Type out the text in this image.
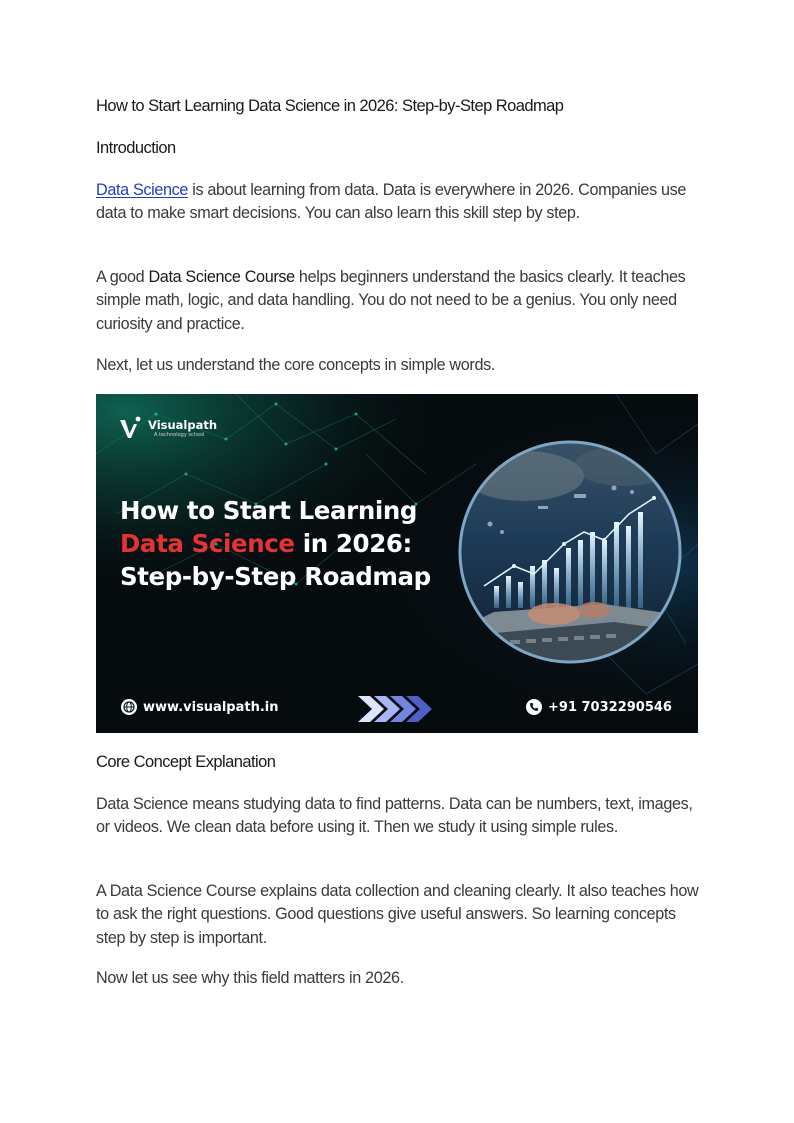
How to Start Learning Data Science in 2026: Step-by-Step Roadmap
Introduction

Data Science is about learning from data. Data is everywhere in 2026. Companies use data to make smart decisions. You can also learn this skill step by step.

A good Data Science Course helps beginners understand the basics clearly. It teaches simple math, logic, and data handling. You do not need to be a genius. You only need curiosity and practice.

Next, let us understand the core concepts in simple words.

Core Concept Explanation

Data Science means studying data to find patterns. Data can be numbers, text, images, or videos. We clean data before using it. Then we study it using simple rules.

A Data Science Course explains data collection and cleaning clearly. It also teaches how to ask the right questions. Good questions give useful answers. So learning concepts step by step is important.

Now let us see why this field matters in 2026.

Visualpath
A technology school
How to Start Learning
Data Science in 2026:
Step-by-Step Roadmap
www.visualpath.in	+91 7032290546
